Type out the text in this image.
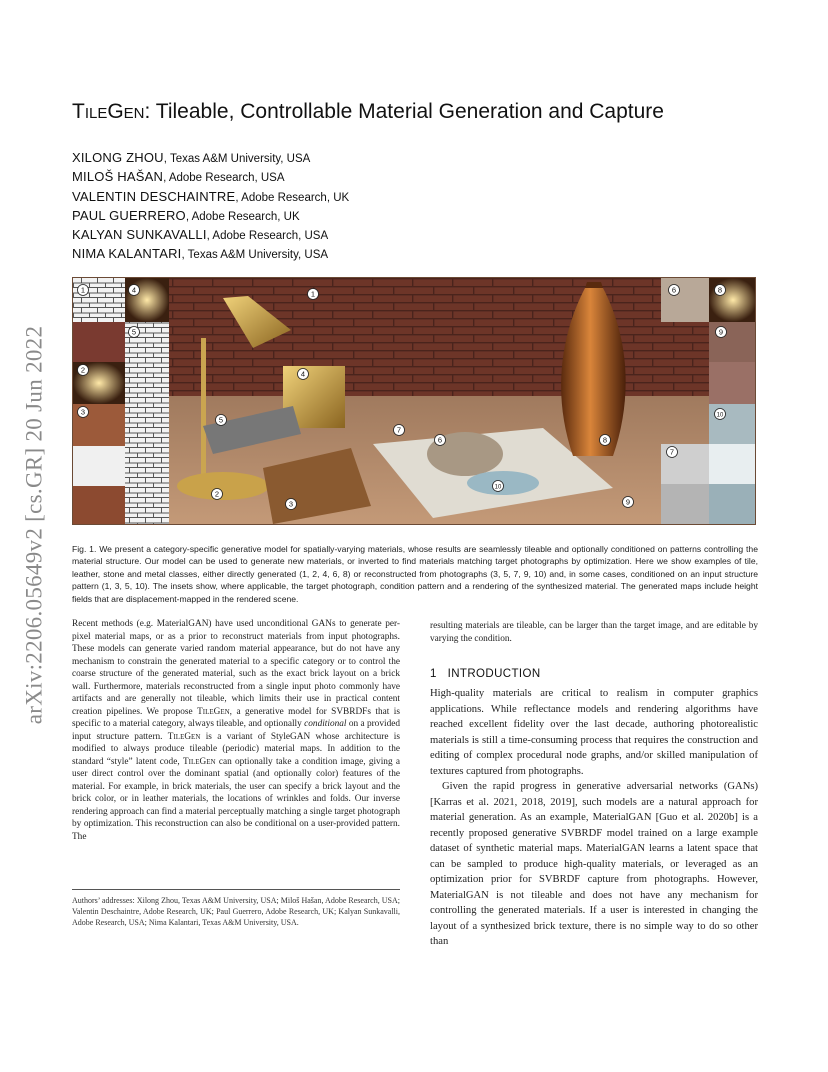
arXiv:2206.05649v2 [cs.GR] 20 Jun 2022
TileGen: Tileable, Controllable Material Generation and Capture
XILONG ZHOU, Texas A&M University, USA
MILOŠ HAŠAN, Adobe Research, USA
VALENTIN DESCHAINTRE, Adobe Research, UK
PAUL GUERRERO, Adobe Research, UK
KALYAN SUNKAVALLI, Adobe Research, USA
NIMA KALANTARI, Texas A&M University, USA
1	4	1	6	8
5	9
2	4
3
5
7
6	8
10
7
10
2
3	9
Fig. 1. We present a category-specific generative model for spatially-varying materials, whose results are seamlessly tileable and optionally conditioned on patterns controlling the material structure. Our model can be used to generate new materials, or inverted to find materials matching target photographs by optimization. Here we show examples of tile, leather, stone and metal classes, either directly generated (1, 2, 4, 6, 8) or reconstructed from photographs (3, 5, 7, 9, 10) and, in some cases, conditioned on an input structure pattern (1, 3, 5, 10). The insets show, where applicable, the target photograph, condition pattern and a rendering of the synthesized material. The generated maps include height fields that are displacement-mapped in the rendered scene.
Recent methods (e.g. MaterialGAN) have used unconditional GANs to generate per-pixel material maps, or as a prior to reconstruct materials from input photographs. These models can generate varied random material appearance, but do not have any mechanism to constrain the generated material to a specific category or to control the coarse structure of the generated material, such as the exact brick layout on a brick wall. Furthermore, materials reconstructed from a single input photo commonly have artifacts and are generally not tileable, which limits their use in practical content creation pipelines. We propose TileGen, a generative model for SVBRDFs that is specific to a material category, always tileable, and optionally conditional on a provided input structure pattern. TileGen is a variant of StyleGAN whose architecture is modified to always produce tileable (periodic) material maps. In addition to the standard “style” latent code, TileGen can optionally take a condition image, giving a user direct control over the dominant spatial (and optionally color) features of the material. For example, in brick materials, the user can specify a brick layout and the brick color, or in leather materials, the locations of wrinkles and folds. Our inverse rendering approach can find a material perceptually matching a single target photograph by optimization. This reconstruction can also be conditional on a user-provided pattern. The
Authors’ addresses: Xilong Zhou, Texas A&M University, USA; Miloš Hašan, Adobe Research, USA; Valentin Deschaintre, Adobe Research, UK; Paul Guerrero, Adobe Research, UK; Kalyan Sunkavalli, Adobe Research, USA; Nima Kalantari, Texas A&M University, USA.
resulting materials are tileable, can be larger than the target image, and are editable by varying the condition.
1 INTRODUCTION

High-quality materials are critical to realism in computer graphics applications. While reflectance models and rendering algorithms have reached excellent fidelity over the last decade, authoring photorealistic materials is still a time-consuming process that requires the construction and editing of complex procedural node graphs, and/or skilled manipulation of textures captured from photographs.

Given the rapid progress in generative adversarial networks (GANs) [Karras et al. 2021, 2018, 2019], such models are a natural approach for material generation. As an example, MaterialGAN [Guo et al. 2020b] is a recently proposed generative SVBRDF model trained on a large example dataset of synthetic material maps. MaterialGAN learns a latent space that can be sampled to produce high-quality materials, or leveraged as an optimization prior for SVBRDF capture from photographs. However, MaterialGAN is not tileable and does not have any mechanism for controlling the generated materials. If a user is interested in changing the layout of a synthesized brick texture, there is no simple way to do so other than
